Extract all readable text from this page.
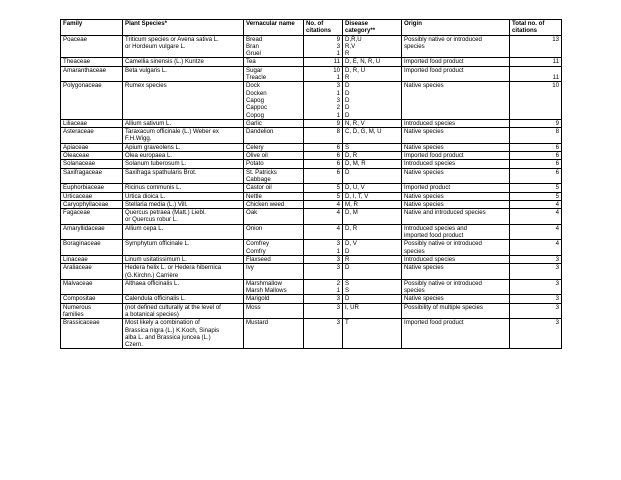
Family	Plant Species*	Vernacular name	No. of citations	Disease category**	Origin	Total no. of citations

Poaceae	Triticum species or Avena sativa L.
or Hordeum vulgare L.	Bread
Bran
Gruel	9
3
1	D,R,U
R,V
R	Possibly native or introduced
species	13

Theaceae	Camellia sinensis (L.) Kuntze	Tea	11	D, E, N, R, U	Imported food product	11

Amaranthaceae	Beta vulgaris L.	Sugar
Treacle	10
1	D, R, U
R	Imported food product	11

Polygonaceae	Rumex species	Dock
Docken
Capog
Cappoc
Copog	3
1
3
2
1	D
D
D
D
D	Native species	10

Liliaceae	Allium sativum L.	Garlic	9	N, R, V	Introduced species	9

Asteraceae	Taraxacum officinale (L.) Weber ex
F.H.Wigg.	Dandelion	8	C, D, G, M, U	Native species	8

Apiaceae	Apium graveolens L.	Celery	6	S	Native species	6

Oleaceae	Olea europaea L.	Olive oil	6	D, R	Imported food product	6

Solanaceae	Solanum tuberosum L.	Potato	6	D, M, R	Introduced species	6

Saxifragaceae	Saxifraga spathularis Brot.	St. Patricks
Cabbage	6	D	Native species	6

Euphorbiaceae	Ricinus communis L.	Castor oil	5	D, U, V	Imported product	5

Urticaceae	Urtica dioica L.	Nettle	5	D, I, T, V	Native species	5

Caryophyllaceae	Stellaria media (L.) Vill.	Chicken weed	4	M, R	Native species	4

Fagaceae	Quercus petraea (Matt.) Liebl.
or Quercus robur L.	Oak	4	D, M	Native and introduced species	4

Amaryllidaceae	Allium cepa L.	Onion	4	D, R	Introduced species and
imported food product	4

Boraginaceae	Symphytum officinale L.	Comfrey
Comfry	3
1	D, V
D	Possibly native or introduced
species	4

Linaceae	Linum usitatissimum L.	Flaxseed	3	R	Introduced species	3

Araliaceae	Hedera helix L. or Hedera hibernica
(G.Kirchn.) Carrière	Ivy	3	D	Native species	3

Malvaceae	Althaea officinalis L.	Marshmallow
Marsh Mallows	2
1	S
S	Possibly native or introduced
species	3

Compositae	Calendula officinalis L.	Marigold	3	D	Native species	3

Numerous
families	(not defined culturally at the level of
a botanical species)	Moss	3	I, UR	Possibility of multiple species	3

Brassicaceae	Most likely a combination of
Brassica nigra (L.) K.Koch, Sinapis
alba L. and Brassica juncea (L.)
Czern.	Mustard	3	T	Imported food product	3
